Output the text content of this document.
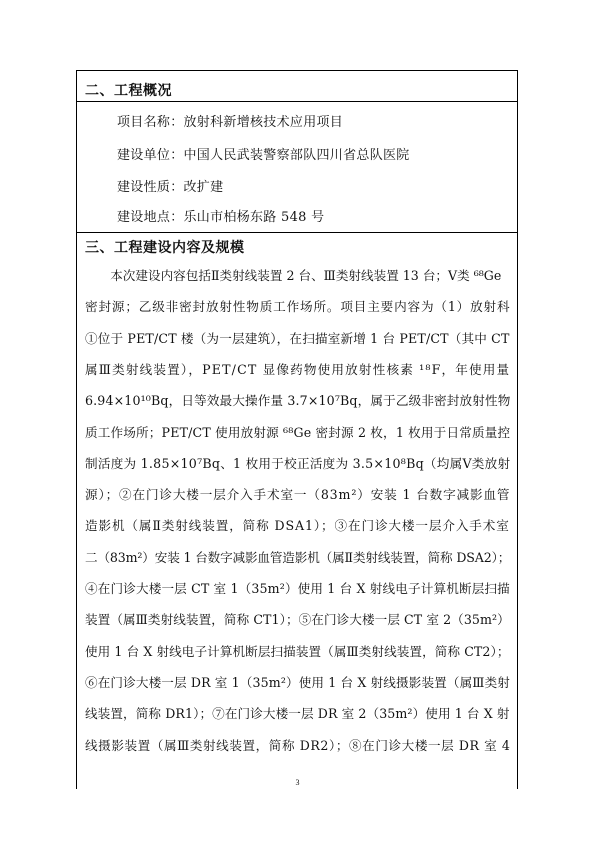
二、工程概况
项目名称：放射科新增核技术应用项目
建设单位：中国人民武装警察部队四川省总队医院
建设性质：改扩建
建设地点：乐山市柏杨东路 548 号
三、工程建设内容及规模
　　本次建设内容包括Ⅱ类射线装置 2 台、Ⅲ类射线装置 13 台；Ⅴ类 ⁶⁸Ge
密封源；乙级非密封放射性物质工作场所。项目主要内容为（1）放射科
①位于 PET/CT 楼（为一层建筑），在扫描室新增 1 台 PET/CT（其中 CT
属Ⅲ类射线装置），PET/CT 显像药物使用放射性核素 ¹⁸F，年使用量
6.94×10¹⁰Bq，日等效最大操作量 3.7×10⁷Bq，属于乙级非密封放射性物
质工作场所；PET/CT 使用放射源 ⁶⁸Ge 密封源 2 枚，1 枚用于日常质量控
制活度为 1.85×10⁷Bq、1 枚用于校正活度为 3.5×10⁸Bq（均属Ⅴ类放射
源）；②在门诊大楼一层介入手术室一（83m²）安装 1 台数字减影血管
造影机（属Ⅱ类射线装置，简称 DSA1）；③在门诊大楼一层介入手术室
二（83m²）安装 1 台数字减影血管造影机（属Ⅱ类射线装置，简称 DSA2）；
④在门诊大楼一层 CT 室 1（35m²）使用 1 台 X 射线电子计算机断层扫描
装置（属Ⅲ类射线装置，简称 CT1）；⑤在门诊大楼一层 CT 室 2（35m²）
使用 1 台 X 射线电子计算机断层扫描装置（属Ⅲ类射线装置，简称 CT2）；
⑥在门诊大楼一层 DR 室 1（35m²）使用 1 台 X 射线摄影装置（属Ⅲ类射
线装置，简称 DR1）；⑦在门诊大楼一层 DR 室 2（35m²）使用 1 台 X 射
线摄影装置（属Ⅲ类射线装置，简称 DR2）；⑧在门诊大楼一层 DR 室 4
3
